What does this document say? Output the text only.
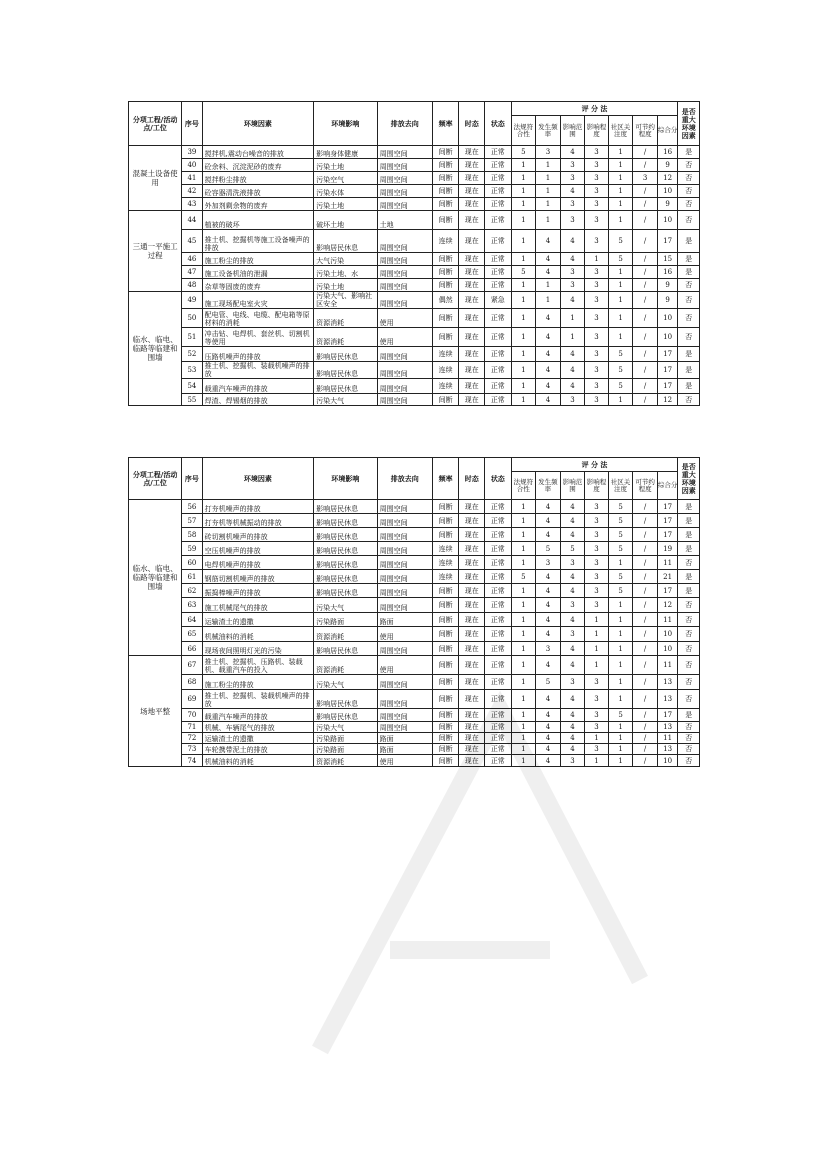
分项工程/活动点/工位	序号	环境因素	环境影响	排放去向	频率	时态	状态	评 分 法							是否重大环境因素
								法规符合性	发生频率	影响范围	影响程度	社区关注度	可节约程度	综合分	
混凝土设备使用	39	搅拌机,震动台噪音的排放	影响身体健康	周围空间	间断	现在	正常	5	3	4	3	1	/	16	是
	40	砼余料、沉淀泥砂的废弃	污染土地	周围空间	间断	现在	正常	1	1	3	3	1	/	9	否
	41	搅拌粉尘排放	污染空气	周围空间	间断	现在	正常	1	1	3	3	1	3	12	否
	42	砼容器清洗液排放	污染水体	周围空间	间断	现在	正常	1	1	4	3	1	/	10	否
	43	外加剂剩余物的废弃	污染土地	周围空间	间断	现在	正常	1	1	3	3	1	/	9	否
三通一平施工过程	44	植被的破坏	破坏土地	土地	间断	现在	正常	1	1	3	3	1	/	10	否
	45	推土机、挖掘机等施工设备噪声的排放	影响居民休息	周围空间	连续	现在	正常	1	4	4	3	5	/	17	是
	46	施工粉尘的排放	大气污染	周围空间	间断	现在	正常	1	4	4	1	5	/	15	是
	47	施工设备机油的泄漏	污染土地、水	周围空间	间断	现在	正常	5	4	3	3	1	/	16	是
	48	杂草等固废的废弃	污染土地	周围空间	间断	现在	正常	1	1	3	3	1	/	9	否
临水、临电、临路等临建和围墙	49	施工现场配电室火灾	污染大气、影响社区安全	周围空间	偶然	现在	紧急	1	1	4	3	1	/	9	否
	50	配电管、电线、电缆、配电箱等原材料的消耗	资源消耗	使用	间断	现在	正常	1	4	1	3	1	/	10	否
	51	冲击钻、电焊机、套丝机、切割机等使用	资源消耗	使用	间断	现在	正常	1	4	1	3	1	/	10	否
	52	压路机噪声的排放	影响居民休息	周围空间	连续	现在	正常	1	4	4	3	5	/	17	是
	53	推土机、挖掘机、装载机噪声的排放	影响居民休息	周围空间	连续	现在	正常	1	4	4	3	5	/	17	是
	54	载重汽车噪声的排放	影响居民休息	周围空间	连续	现在	正常	1	4	4	3	5	/	17	是
	55	焊渣、焊锡烟的排放	污染大气	周围空间	间断	现在	正常	1	4	3	3	1	/	12	否
分项工程/活动点/工位	序号	环境因素	环境影响	排放去向	频率	时态	状态	评 分 法							是否重大环境因素
								法规符合性	发生频率	影响范围	影响程度	社区关注度	可节约程度	综合分	
临水、临电、临路等临建和围墙	56	打夯机噪声的排放	影响居民休息	周围空间	间断	现在	正常	1	4	4	3	5	/	17	是
	57	打夯机等机械振动的排放	影响居民休息	周围空间	间断	现在	正常	1	4	4	3	5	/	17	是
	58	砖切割机噪声的排放	影响居民休息	周围空间	间断	现在	正常	1	4	4	3	5	/	17	是
	59	空压机噪声的排放	影响居民休息	周围空间	连续	现在	正常	1	5	5	3	5	/	19	是
	60	电焊机噪声的排放	影响居民休息	周围空间	连续	现在	正常	1	3	3	3	1	/	11	否
	61	钢筋切割机噪声的排放	影响居民休息	周围空间	连续	现在	正常	5	4	4	3	5	/	21	是
	62	振捣棒噪声的排放	影响居民休息	周围空间	间断	现在	正常	1	4	4	3	5	/	17	是
	63	施工机械尾气的排放	污染大气	周围空间	间断	现在	正常	1	4	3	3	1	/	12	否
	64	运输渣土的遗撒	污染路面	路面	间断	现在	正常	1	4	4	1	1	/	11	否
	65	机械油料的消耗	资源消耗	使用	间断	现在	正常	1	4	3	1	1	/	10	否
	66	现场夜间照明灯光的污染	影响居民休息	周围空间	间断	现在	正常	1	3	4	1	1	/	10	否
场地平整	67	推土机、挖掘机、压路机、装载机、载重汽车的投入	资源消耗	使用	间断	现在	正常	1	4	4	1	1	/	11	否
	68	施工粉尘的排放	污染大气	周围空间	间断	现在	正常	1	5	3	3	1	/	13	否
	69	推土机、挖掘机、装载机噪声的排放	影响居民休息	周围空间	间断	现在	正常	1	4	4	3	1	/	13	否
	70	载重汽车噪声的排放	影响居民休息	周围空间	间断	现在	正常	1	4	4	3	5	/	17	是
	71	机械、车辆尾气的排放	污染大气	周围空间	间断	现在	正常	1	4	4	3	1	/	13	否
	72	运输渣土的遗撒	污染路面	路面	间断	现在	正常	1	4	4	1	1	/	11	否
	73	车轮携带泥土的排放	污染路面	路面	间断	现在	正常	1	4	4	3	1	/	13	否
	74	机械油料的消耗	资源消耗	使用	间断	现在	正常	1	4	3	1	1	/	10	否
